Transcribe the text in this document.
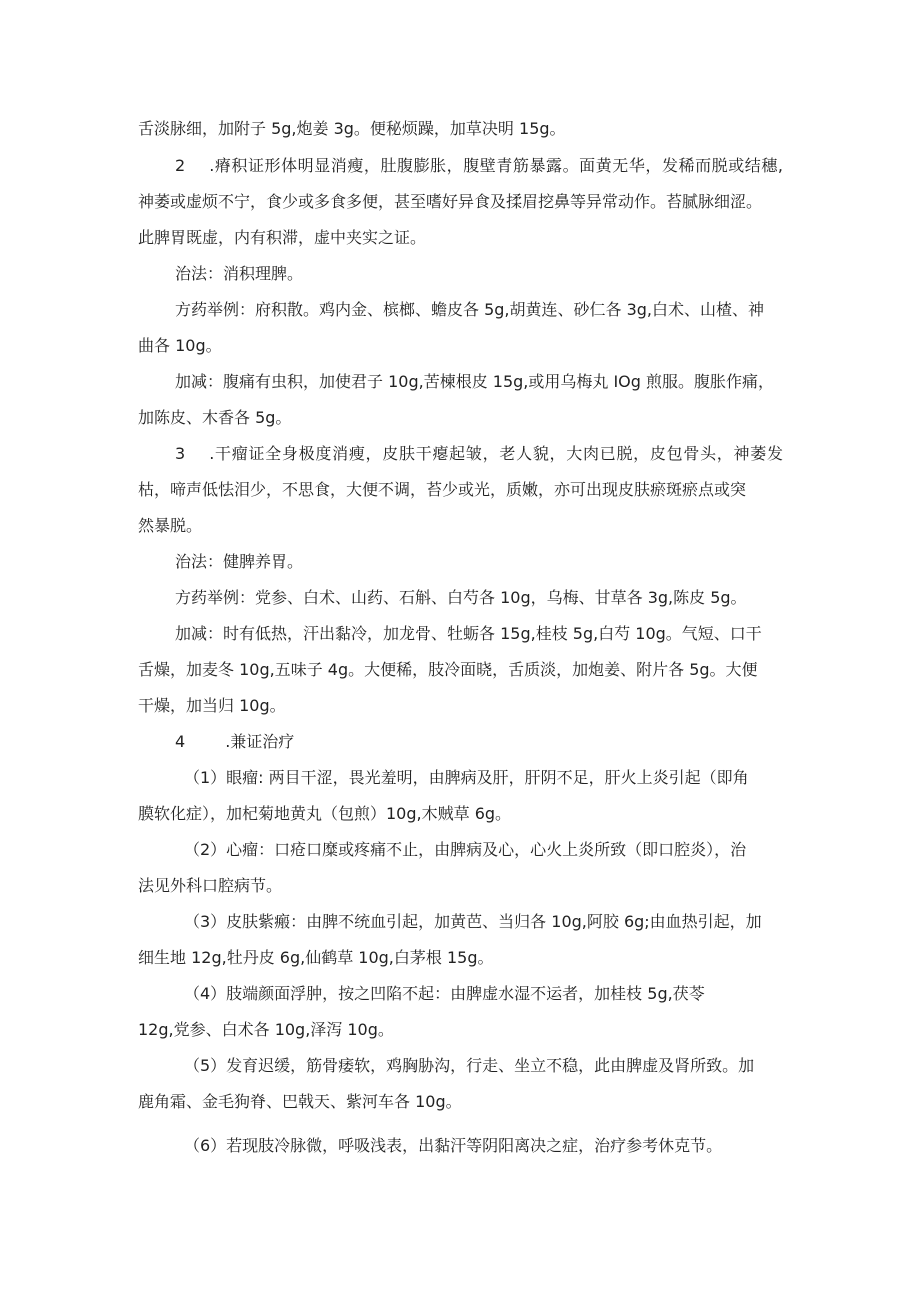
舌淡脉细，加附子 5g,炮姜 3g。便秘烦躁，加草决明 15g。
2 .瘠积证形体明显消瘦，肚腹膨胀，腹壁青筋暴露。面黄无华，发稀而脱或结穗,
神萎或虚烦不宁，食少或多食多便，甚至嗜好异食及揉眉挖鼻等异常动作。苔腻脉细涩。
此脾胃既虚，内有积滞，虚中夹实之证。
治法：消积理脾。
方药举例：府积散。鸡内金、槟榔、蟾皮各 5g,胡黄连、砂仁各 3g,白术、山楂、神
曲各 10g。
加减：腹痛有虫积，加使君子 10g,苦楝根皮 15g,或用乌梅丸 IOg 煎服。腹胀作痛，
加陈皮、木香各 5g。
3 .干瘤证全身极度消瘦，皮肤干瘪起皱，老人貌，大肉已脱，皮包骨头，神萎发
枯，啼声低怯泪少，不思食，大便不调，苔少或光，质嫩，亦可出现皮肤瘀斑瘀点或突
然暴脱。
治法：健脾养胃。
方药举例：党参、白术、山药、石斛、白芍各 10g，乌梅、甘草各 3g,陈皮 5g。
加减：时有低热，汗出黏冷，加龙骨、牡蛎各 15g,桂枝 5g,白芍 10g。气短、口干
舌燥，加麦冬 10g,五味子 4g。大便稀，肢冷面晓，舌质淡，加炮姜、附片各 5g。大便
干燥，加当归 10g。
4	.兼证治疗
（1）眼瘤: 两目干涩，畏光羞明，由脾病及肝，肝阴不足，肝火上炎引起（即角
膜软化症），加杞菊地黄丸（包煎）10g,木贼草 6g。
（2）心瘤：口疮口糜或疼痛不止，由脾病及心，心火上炎所致（即口腔炎），治
法见外科口腔病节。
（3）皮肤紫瘢：由脾不统血引起，加黄芭、当归各 10g,阿胶 6g;由血热引起，加
细生地 12g,牡丹皮 6g,仙鹤草 10g,白茅根 15g。
（4）肢端颜面浮肿，按之凹陷不起：由脾虚水湿不运者，加桂枝 5g,茯苓
12g,党参、白术各 10g,泽泻 10g。
（5）发育迟缓，筋骨痿软，鸡胸胁沟，行走、坐立不稳，此由脾虚及肾所致。加
鹿角霜、金毛狗脊、巴戟天、紫河车各 10g。
（6）若现肢冷脉微，呼吸浅表，出黏汗等阴阳离决之症，治疗参考休克节。
